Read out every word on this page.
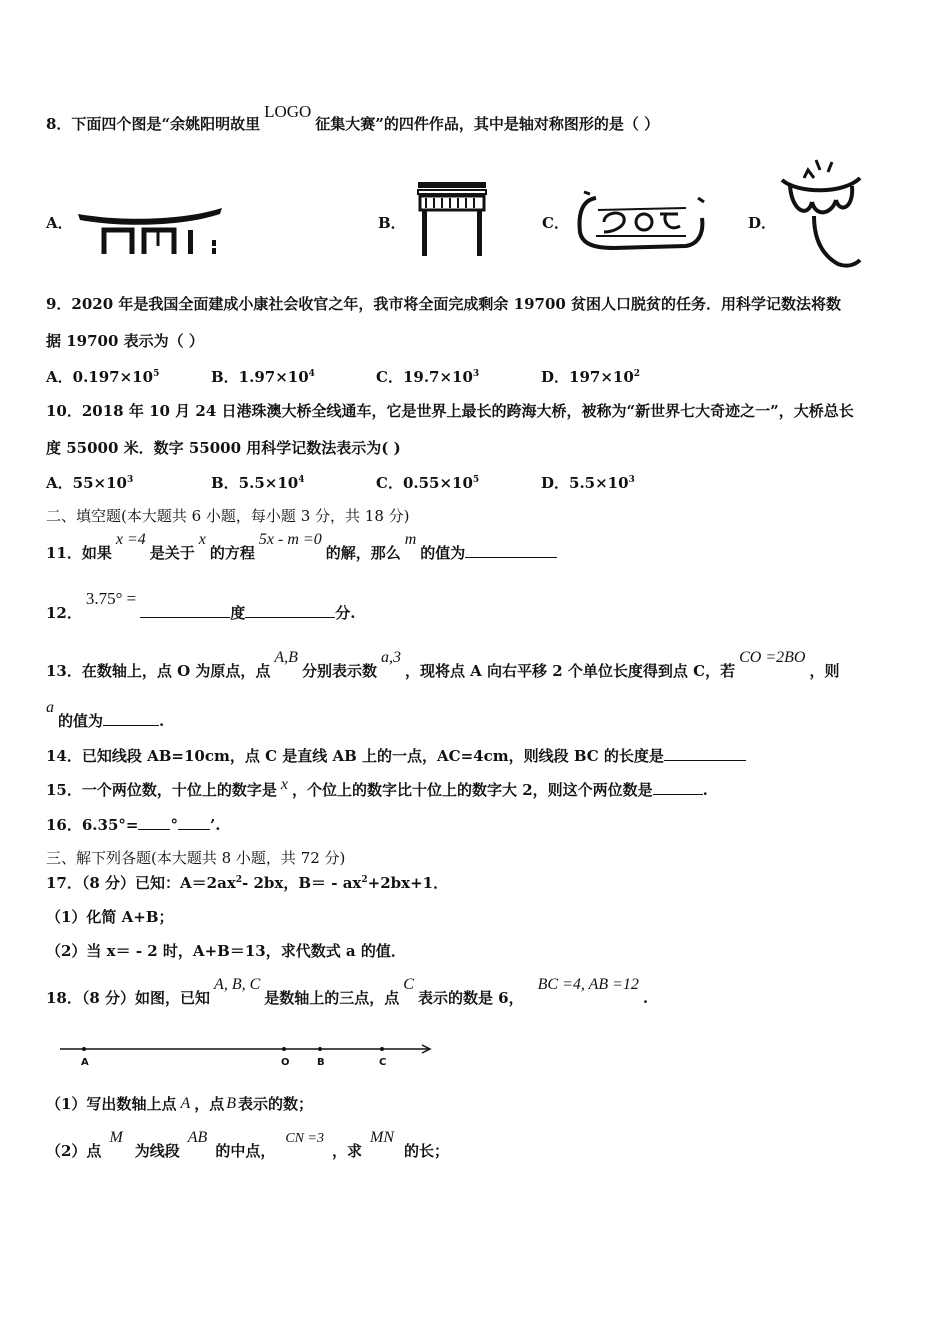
8．下面四个图是“余姚阳明故里LOGO征集大赛”的四件作品，其中是轴对称图形的是（ ）
A．	B．	C．	D．
9．2020 年是我国全面建成小康社会收官之年，我市将全面完成剩余 19700 贫困人口脱贫的任务．用科学记数法将数
据 19700 表示为（ ）
A．$0.197\times 10^5$	B．$1.97\times 10^4$	C．$19.7\times 10^3$	D．$197\times 10^2$
10．2018 年 10 月 24 日港珠澳大桥全线通车，它是世界上最长的跨海大桥，被称为“新世界七大奇迹之一”，大桥总长
度 55000 米．数字 55000 用科学记数法表示为( )
A．$55\times 10^3$	B．$5.5\times 10^4$	C．$0.55\times 10^5$	D．$5.5\times 10^3$
二、填空题(本大题共 6 小题，每小题 3 分，共 18 分)
11．如果x =4是关于x的方程5x - m =0的解，那么m的值为
12．3.75° =度	分.
13．在数轴上，点 O 为原点，点A,B分别表示数a,3，现将点 A 向右平移 2 个单位长度得到点 C，若CO =2BO，则
a的值为	.
14．已知线段 AB=10cm，点 C 是直线 AB 上的一点，AC=4cm，则线段 BC 的长度是
15．一个两位数，十位上的数字是 x ，个位上的数字比十位上的数字大 2，则这个两位数是	.
16．6.35°= ° ’.
三、解下列各题(本大题共 8 小题，共 72 分)
17．（8 分）已知：$A=2ax^2-$ 2bx，$B= - ax^2+2bx+1$．
（1）化简 A+B；
（2）当 x＝ - 2 时，A+B＝13，求代数式 a 的值．
18．（8 分）如图，已知A, B, C是数轴上的三点，点C表示的数是 6，BC =4, AB =12.
A	O	B	C
（1）写出数轴上点 A ，点 B 表示的数；
（2）点M为线段AB的中点，CN =3，求MN的长；
